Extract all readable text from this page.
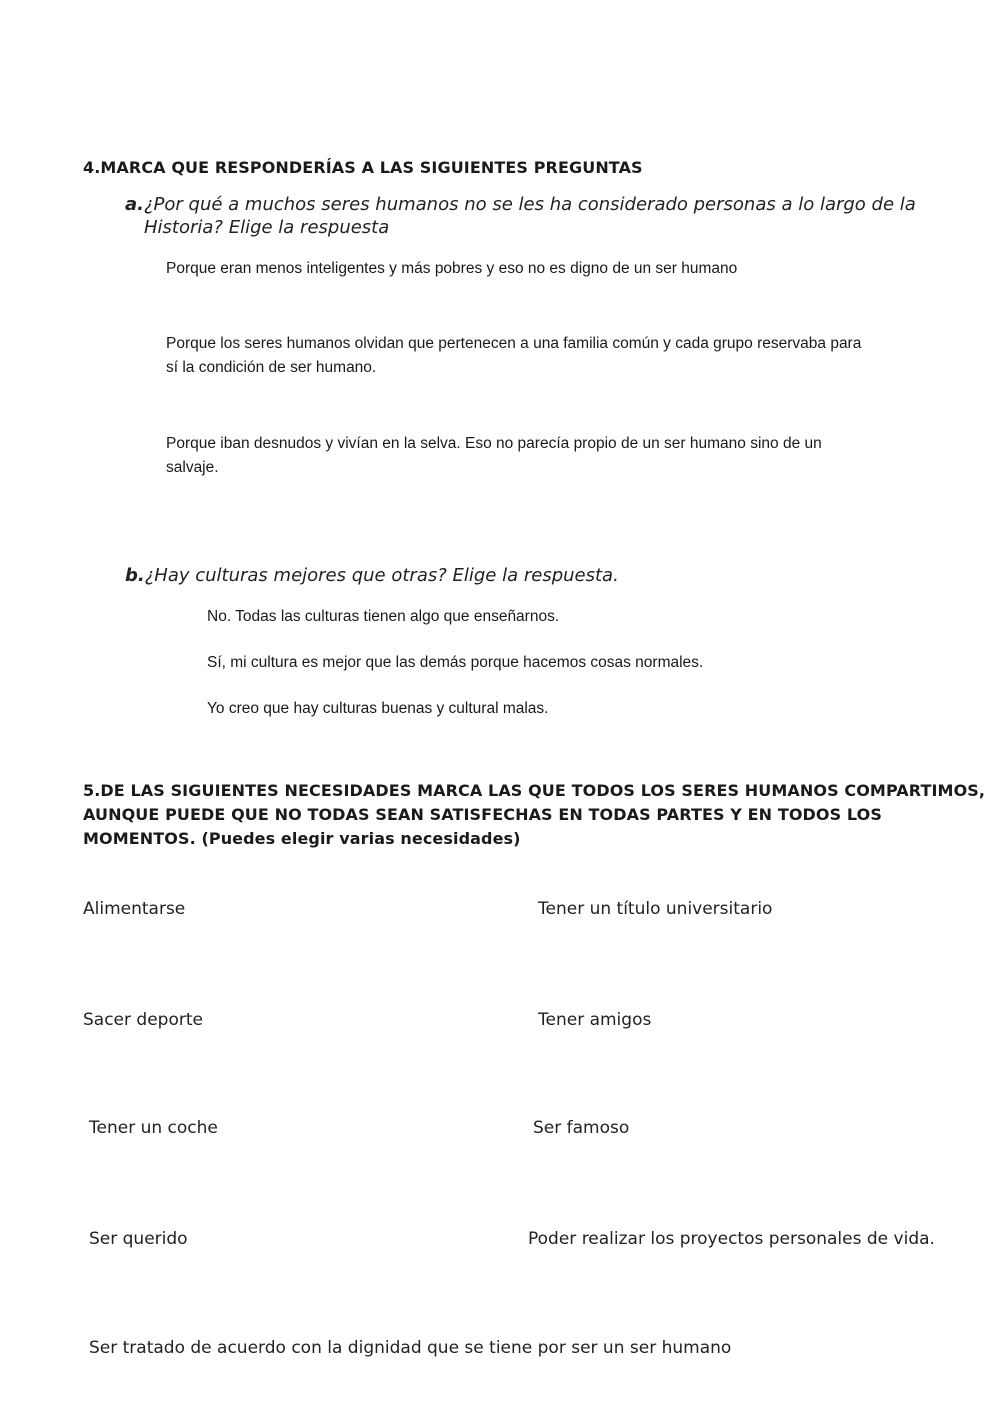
4.MARCA QUE RESPONDERÍAS A LAS SIGUIENTES PREGUNTAS
a.¿Por qué a muchos seres humanos no se les ha considerado personas a lo largo de la
Historia? Elige la respuesta
Porque eran menos inteligentes y más pobres y eso no es digno de un ser humano
Porque los seres humanos olvidan que pertenecen a una familia común y cada grupo reservaba para
sí la condición de ser humano.
Porque iban desnudos y vivían en la selva. Eso no parecía propio de un ser humano sino de un
salvaje.
b.¿Hay culturas mejores que otras? Elige la respuesta.
No. Todas las culturas tienen algo que enseñarnos.
Sí, mi cultura es mejor que las demás porque hacemos cosas normales.
Yo creo que hay culturas buenas y cultural malas.
5.DE LAS SIGUIENTES NECESIDADES MARCA LAS QUE TODOS LOS SERES HUMANOS COMPARTIMOS,
AUNQUE PUEDE QUE NO TODAS SEAN SATISFECHAS EN TODAS PARTES Y EN TODOS LOS
MOMENTOS. (Puedes elegir varias necesidades)
Alimentarse	Tener un título universitario
Sacer deporte	Tener amigos
Tener un coche	Ser famoso
Ser querido	Poder realizar los proyectos personales de vida.
Ser tratado de acuerdo con la dignidad que se tiene por ser un ser humano
